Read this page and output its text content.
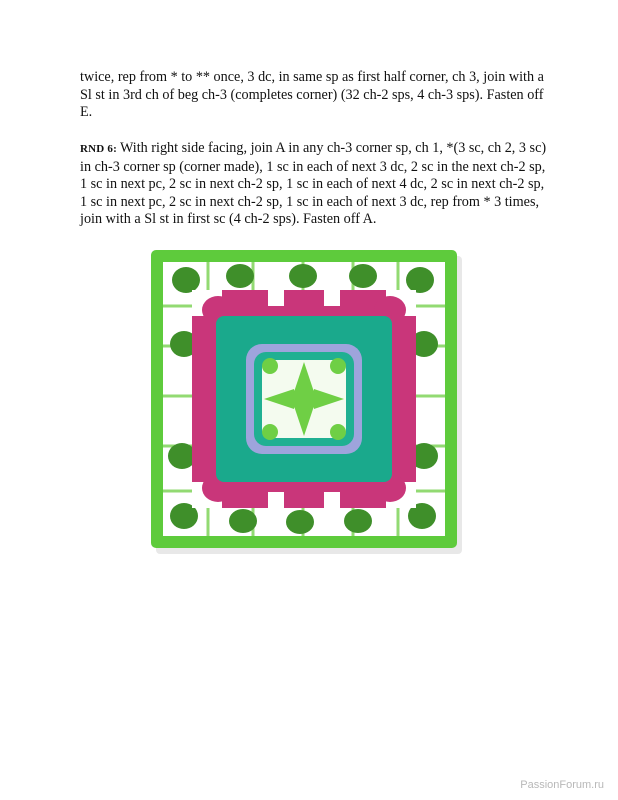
twice, rep from * to ** once, 3 dc, in same sp as first half corner, ch 3, join with a Sl st in 3rd ch of beg ch-3 (completes corner) (32 ch-2 sps, 4 ch-3 sps). Fasten off E.
RND 6: With right side facing, join A in any ch-3 corner sp, ch 1, *(3 sc, ch 2, 3 sc) in ch-3 corner sp (corner made), 1 sc in each of next 3 dc, 2 sc in the next ch-2 sp, 1 sc in next pc, 2 sc in next ch-2 sp, 1 sc in each of next 4 dc, 2 sc in next ch-2 sp, 1 sc in next pc, 2 sc in next ch-2 sp, 1 sc in each of next 3 dc, rep from * 3 times, join with a Sl st in first sc (4 ch-2 sps). Fasten off A.
PassionForum.ru
